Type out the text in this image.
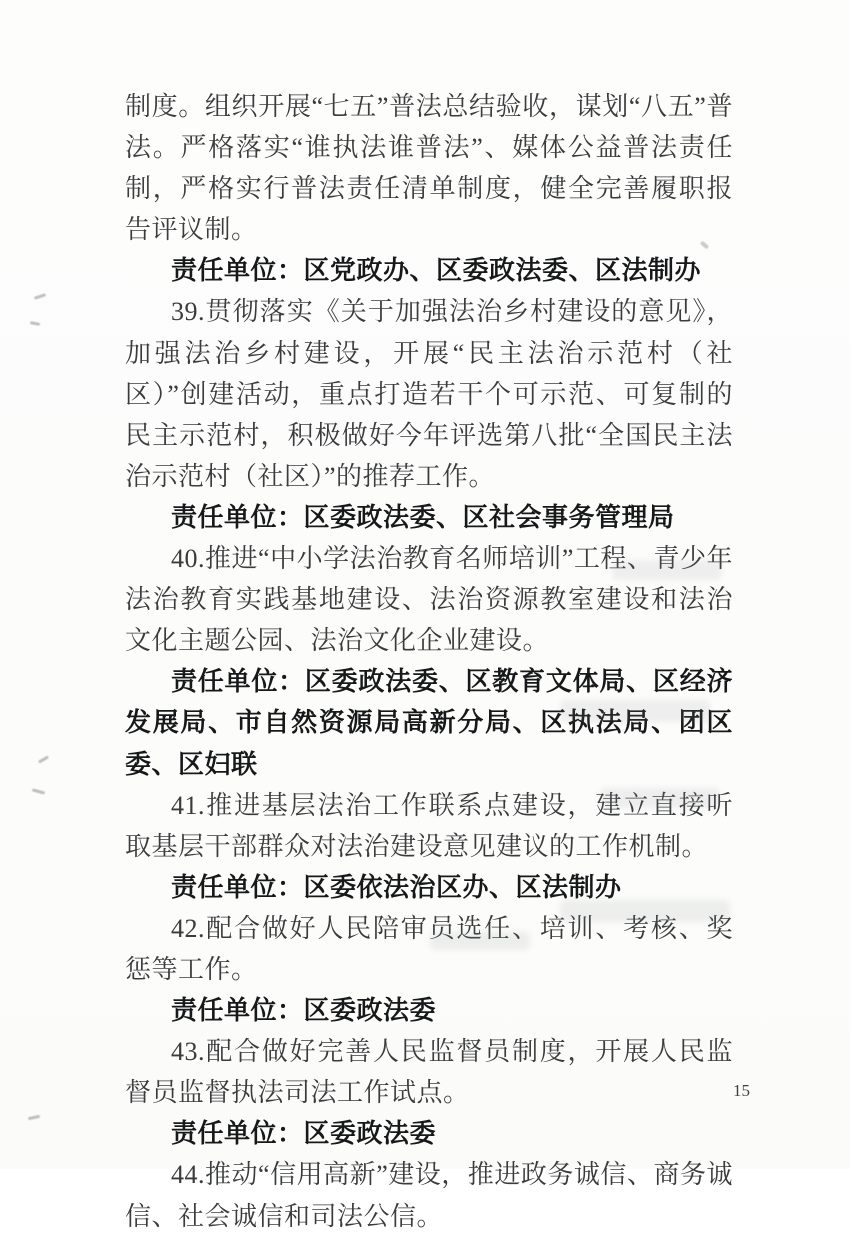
制度。组织开展“七五”普法总结验收，谋划“八五”普法。严格落实“谁执法谁普法”、媒体公益普法责任制，严格实行普法责任清单制度，健全完善履职报告评议制。

责任单位：区党政办、区委政法委、区法制办

39.贯彻落实《关于加强法治乡村建设的意见》，加强法治乡村建设，开展“民主法治示范村（社区）”创建活动，重点打造若干个可示范、可复制的民主示范村，积极做好今年评选第八批“全国民主法治示范村（社区）”的推荐工作。

责任单位：区委政法委、区社会事务管理局

40.推进“中小学法治教育名师培训”工程、青少年法治教育实践基地建设、法治资源教室建设和法治文化主题公园、法治文化企业建设。

责任单位：区委政法委、区教育文体局、区经济发展局、市自然资源局高新分局、区执法局、团区委、区妇联

41.推进基层法治工作联系点建设，建立直接听取基层干部群众对法治建设意见建议的工作机制。

责任单位：区委依法治区办、区法制办

42.配合做好人民陪审员选任、培训、考核、奖惩等工作。

责任单位：区委政法委

43.配合做好完善人民监督员制度，开展人民监督员监督执法司法工作试点。

责任单位：区委政法委

44.推动“信用高新”建设，推进政务诚信、商务诚信、社会诚信和司法公信。

15
